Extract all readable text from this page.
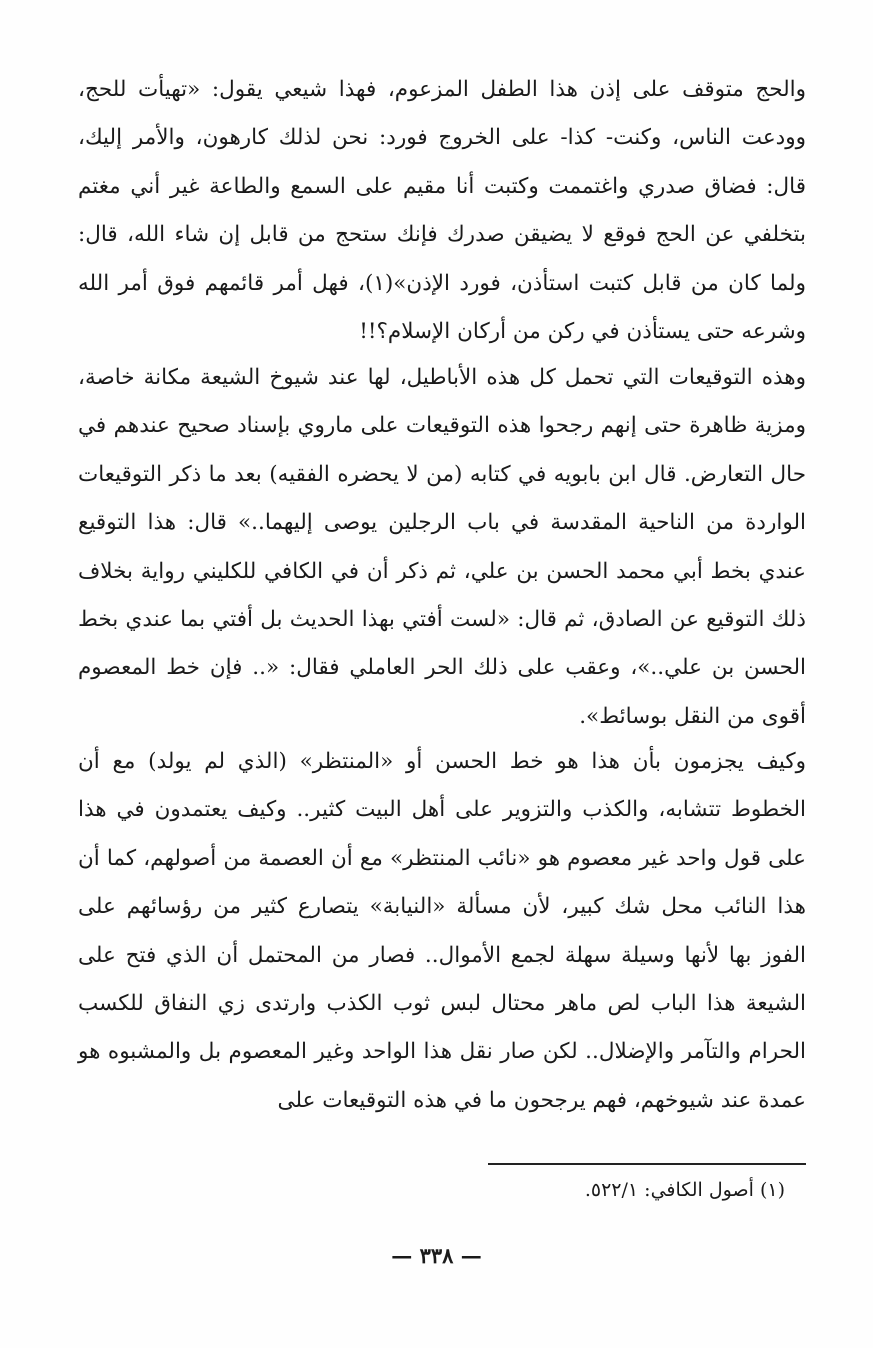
والحج متوقف على إذن هذا الطفل المزعوم، فهذا شيعي يقول: «تهيأت للحج، وودعت الناس، وكنت- كذا- على الخروج فورد: نحن لذلك كارهون، والأمر إليك، قال: فضاق صدري واغتممت وكتبت أنا مقيم على السمع والطاعة غير أني مغتم بتخلفي عن الحج فوقع لا يضيقن صدرك فإنك ستحج من قابل إن شاء الله، قال: ولما كان من قابل كتبت استأذن، فورد الإذن»(١)، فهل أمر قائمهم فوق أمر الله وشرعه حتى يستأذن في ركن من أركان الإسلام؟!!

وهذه التوقيعات التي تحمل كل هذه الأباطيل، لها عند شيوخ الشيعة مكانة خاصة، ومزية ظاهرة حتى إنهم رجحوا هذه التوقيعات على ماروي بإسناد صحيح عندهم في حال التعارض. قال ابن بابويه في كتابه (من لا يحضره الفقيه) بعد ما ذكر التوقيعات الواردة من الناحية المقدسة في باب الرجلين يوصى إليهما..» قال: هذا التوقيع عندي بخط أبي محمد الحسن بن علي، ثم ذكر أن في الكافي للكليني رواية بخلاف ذلك التوقيع عن الصادق، ثم قال: «لست أفتي بهذا الحديث بل أفتي بما عندي بخط الحسن بن علي..»، وعقب على ذلك الحر العاملي فقال: «.. فإن خط المعصوم أقوى من النقل بوسائط».

وكيف يجزمون بأن هذا هو خط الحسن أو «المنتظر» (الذي لم يولد) مع أن الخطوط تتشابه، والكذب والتزوير على أهل البيت كثير.. وكيف يعتمدون في هذا على قول واحد غير معصوم هو «نائب المنتظر» مع أن العصمة من أصولهم، كما أن هذا النائب محل شك كبير، لأن مسألة «النيابة» يتصارع كثير من رؤسائهم على الفوز بها لأنها وسيلة سهلة لجمع الأموال.. فصار من المحتمل أن الذي فتح على الشيعة هذا الباب لص ماهر محتال لبس ثوب الكذب وارتدى زي النفاق للكسب الحرام والتآمر والإضلال.. لكن صار نقل هذا الواحد وغير المعصوم بل والمشبوه هو عمدة عند شيوخهم، فهم يرجحون ما في هذه التوقيعات على

(١) أصول الكافي: ٥٢٢/١.
— ٣٣٨ —
